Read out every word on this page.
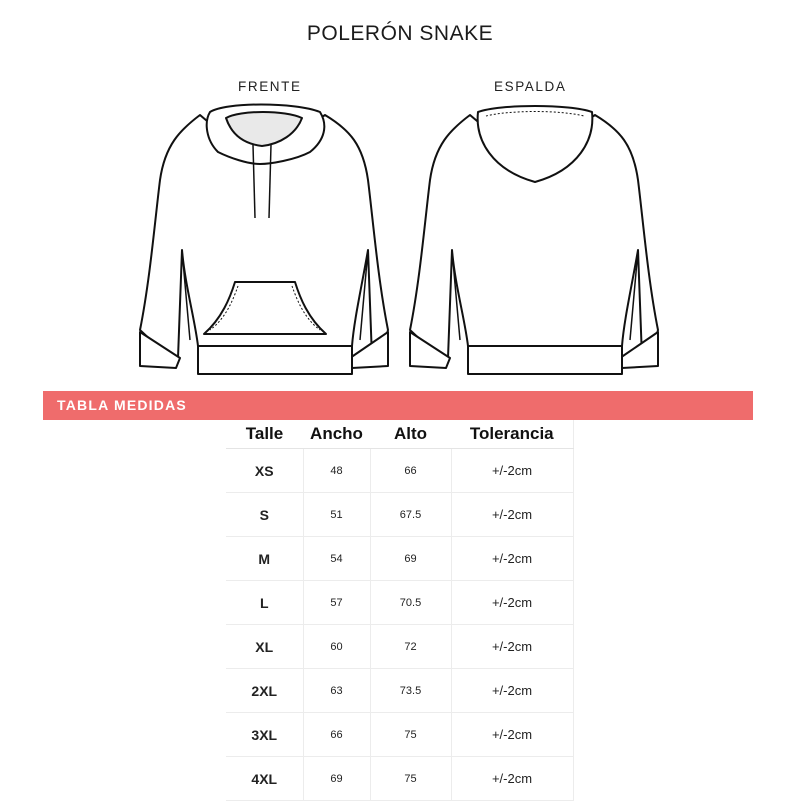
POLERÓN SNAKE
FRENTE	ESPALDA
TABLA MEDIDAS
Talle	Ancho	Alto	Tolerancia
XS	48	66	+/-2cm
S	51	67.5	+/-2cm
M	54	69	+/-2cm
L	57	70.5	+/-2cm
XL	60	72	+/-2cm
2XL	63	73.5	+/-2cm
3XL	66	75	+/-2cm
4XL	69	75	+/-2cm
